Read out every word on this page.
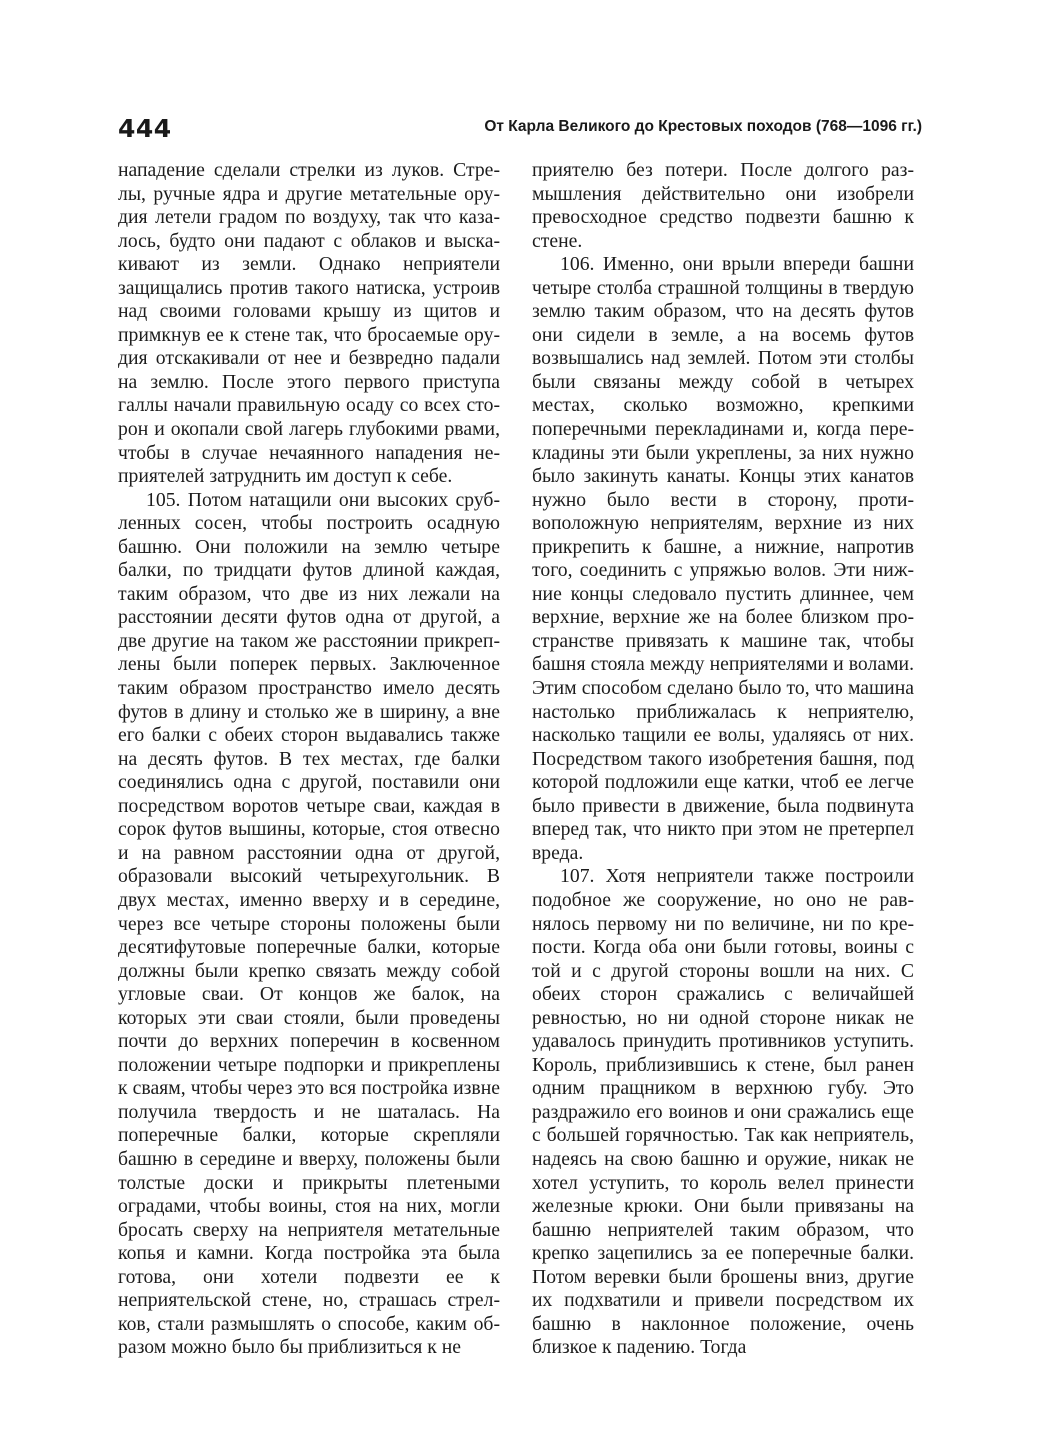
444	От Карла Великого до Крестовых походов (768—1096 гг.)

нападение сделали стрелки из луков. Стрелы, ручные ядра и другие метательные орудия летели градом по воздуху, так что казалось, будто они падают с облаков и выскакивают из земли. Однако неприятели защищались против такого натиска, устроив над своими головами крышу из щитов и примкнув ее к стене так, что бросаемые орудия отскакивали от нее и безвредно падали на землю. После этого первого приступа галлы начали правильную осаду со всех сторон и окопали свой лагерь глубокими рвами, чтобы в случае нечаянного нападения неприятелей затруднить им доступ к себе.

105. Потом натащили они высоких срубленных сосен, чтобы построить осадную башню. Они положили на землю четыре балки, по тридцати футов длиной каждая, таким образом, что две из них лежали на расстоянии десяти футов одна от другой, а две другие на таком же расстоянии прикреплены были поперек первых. Заключенное таким образом пространство имело десять футов в длину и столько же в ширину, а вне его балки с обеих сторон выдавались также на десять футов. В тех местах, где балки соединялись одна с другой, поставили они посредством воротов четыре сваи, каждая в сорок футов вышины, которые, стоя отвесно и на равном расстоянии одна от другой, образовали высокий четырехугольник. В двух местах, именно вверху и в середине, через все четыре стороны положены были десятифутовые поперечные балки, которые должны были крепко связать между собой угловые сваи. От концов же балок, на которых эти сваи стояли, были проведены почти до верхних поперечин в косвенном положении четыре подпорки и прикреплены к сваям, чтобы через это вся постройка извне получила твердость и не шаталась. На поперечные балки, которые скрепляли башню в середине и вверху, положены были толстые доски и прикрыты плетеными оградами, чтобы воины, стоя на них, могли бросать сверху на неприятеля метательные копья и камни. Когда постройка эта была готова, они хотели подвезти ее к неприятельской стене, но, страшась стрелков, стали размышлять о способе, каким образом можно было бы приблизиться к не

приятелю без потери. После долгого размышления действительно они изобрели превосходное средство подвезти башню к стене.

106. Именно, они врыли впереди башни четыре столба страшной толщины в твердую землю таким образом, что на десять футов они сидели в земле, а на восемь футов возвышались над землей. Потом эти столбы были связаны между собой в четырех местах, сколько возможно, крепкими поперечными перекладинами и, когда перекладины эти были укреплены, за них нужно было закинуть канаты. Концы этих канатов нужно было вести в сторону, противоположную неприятелям, верхние из них прикрепить к башне, а нижние, напротив того, соединить с упряжью волов. Эти нижние концы следовало пустить длиннее, чем верхние, верхние же на более близком пространстве привязать к машине так, чтобы башня стояла между неприятелями и волами. Этим способом сделано было то, что машина настолько приближалась к неприятелю, насколько тащили ее волы, удаляясь от них. Посредством такого изобретения башня, под которой подложили еще катки, чтоб ее легче было привести в движение, была подвинута вперед так, что никто при этом не претерпел вреда.

107. Хотя неприятели также построили подобное же сооружение, но оно не равнялось первому ни по величине, ни по крепости. Когда оба они были готовы, воины с той и с другой стороны вошли на них. С обеих сторон сражались с величайшей ревностью, но ни одной стороне никак не удавалось принудить противников уступить. Король, приблизившись к стене, был ранен одним пращником в верхнюю губу. Это раздражило его воинов и они сражались еще с большей горячностью. Так как неприятель, надеясь на свою башню и оружие, никак не хотел уступить, то король велел принести железные крюки. Они были привязаны на башню неприятелей таким образом, что крепко зацепились за ее поперечные балки. Потом веревки были брошены вниз, другие их подхватили и привели посредством их башню в наклонное положение, очень близкое к падению. Тогда
